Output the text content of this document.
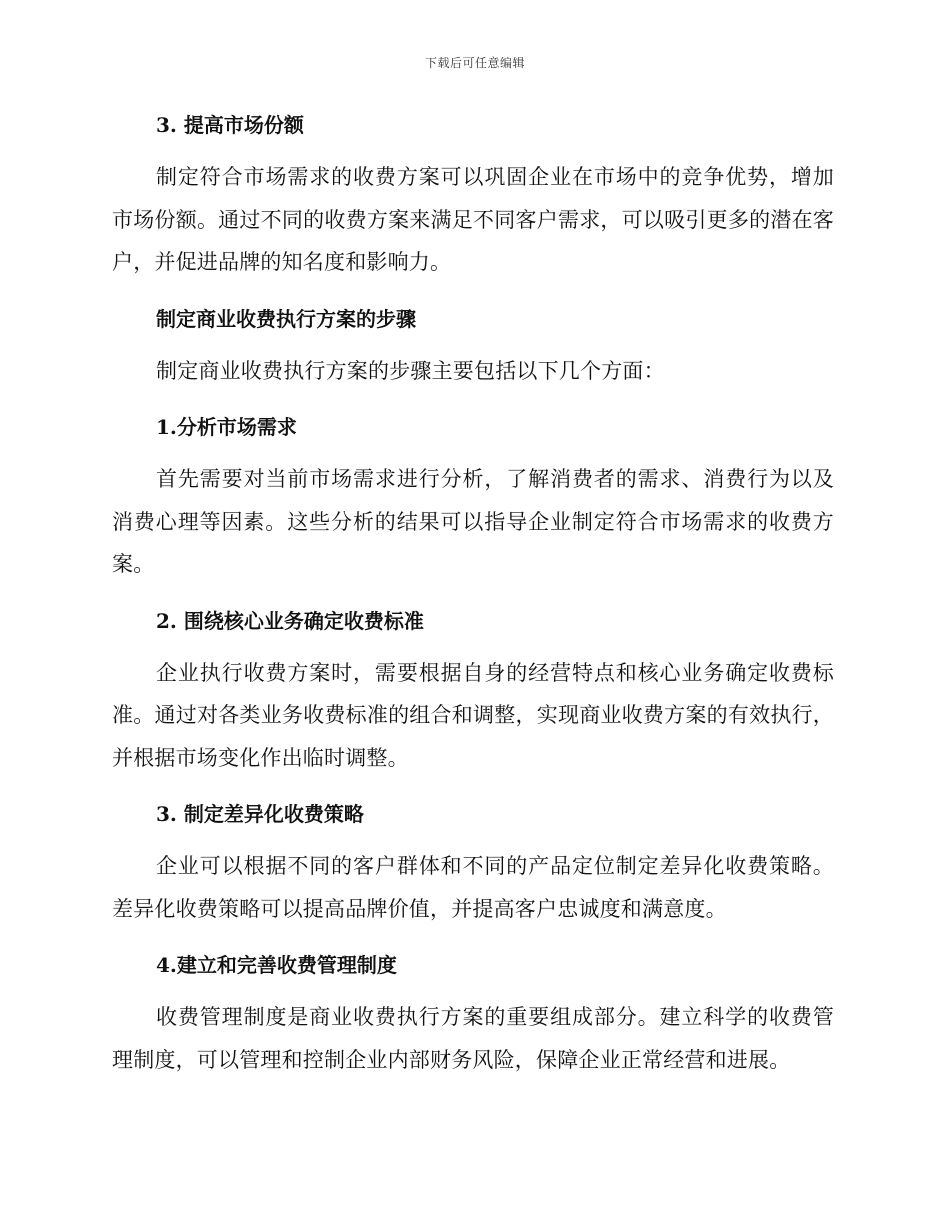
下载后可任意编辑
3. 提高市场份额
制定符合市场需求的收费方案可以巩固企业在市场中的竞争优势，增加市场份额。通过不同的收费方案来满足不同客户需求，可以吸引更多的潜在客户，并促进品牌的知名度和影响力。
制定商业收费执行方案的步骤
制定商业收费执行方案的步骤主要包括以下几个方面：
1.分析市场需求
首先需要对当前市场需求进行分析，了解消费者的需求、消费行为以及消费心理等因素。这些分析的结果可以指导企业制定符合市场需求的收费方案。
2. 围绕核心业务确定收费标准
企业执行收费方案时，需要根据自身的经营特点和核心业务确定收费标准。通过对各类业务收费标准的组合和调整，实现商业收费方案的有效执行，并根据市场变化作出临时调整。
3. 制定差异化收费策略
企业可以根据不同的客户群体和不同的产品定位制定差异化收费策略。差异化收费策略可以提高品牌价值，并提高客户忠诚度和满意度。
4.建立和完善收费管理制度
收费管理制度是商业收费执行方案的重要组成部分。建立科学的收费管理制度，可以管理和控制企业内部财务风险，保障企业正常经营和进展。
